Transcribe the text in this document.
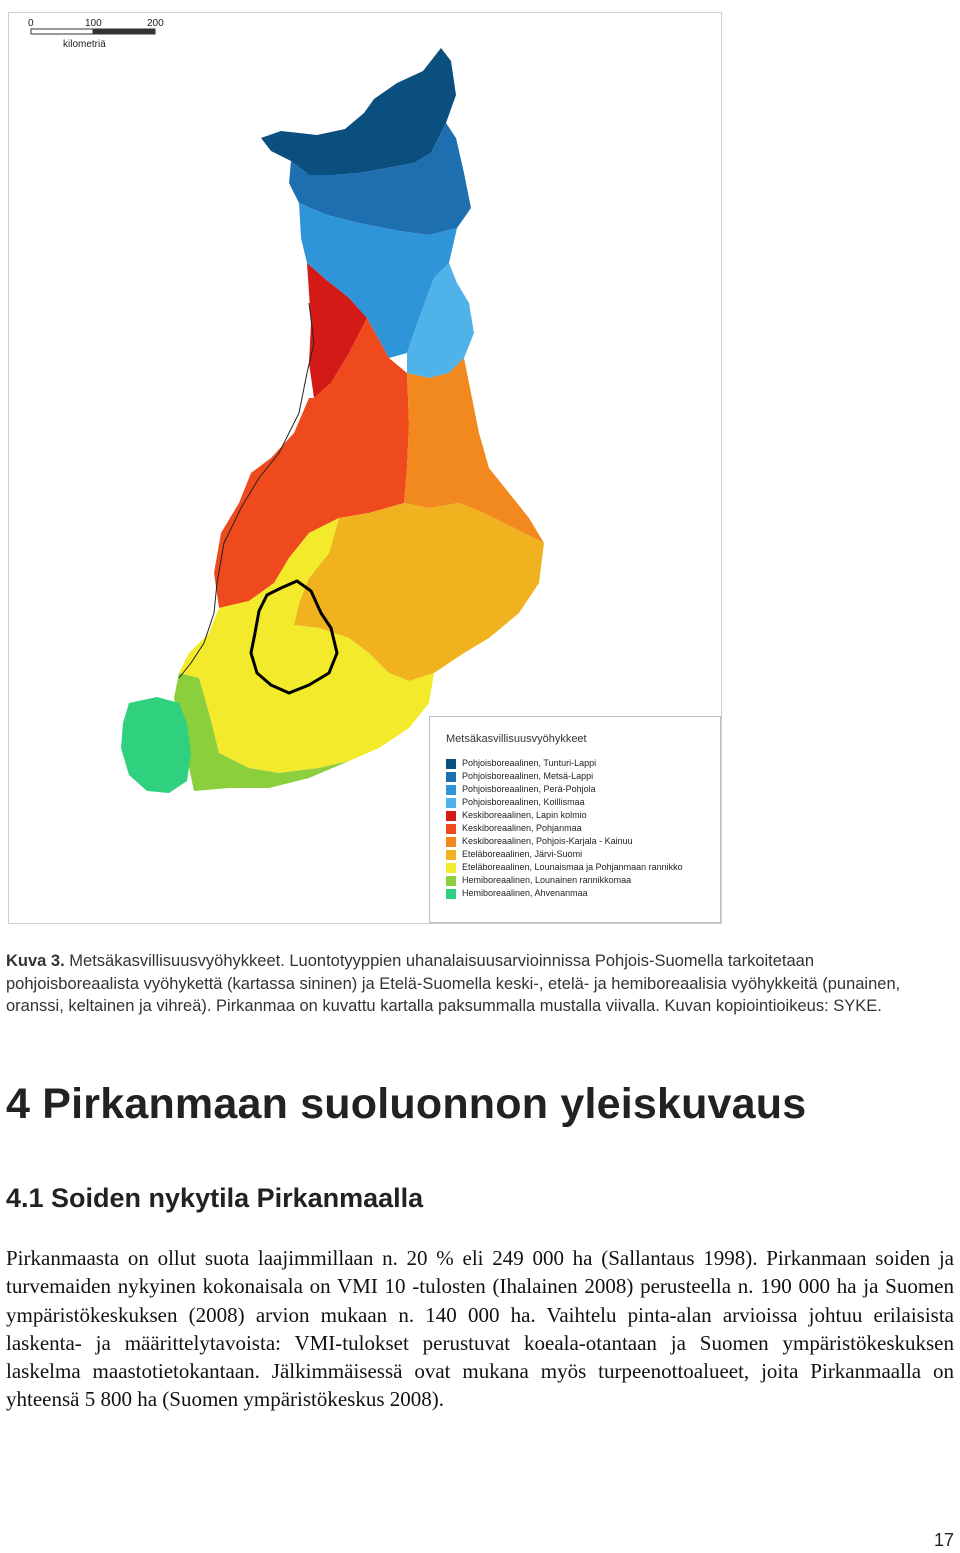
0	100	200
kilometriä
Metsäkasvillisuusvyöhykkeet
Pohjoisboreaalinen, Tunturi-Lappi
Pohjoisboreaalinen, Metsä-Lappi
Pohjoisboreaalinen, Perä-Pohjola
Pohjoisboreaalinen, Koillismaa
Keskiboreaalinen, Lapin kolmio
Keskiboreaalinen, Pohjanmaa
Keskiboreaalinen, Pohjois-Karjala - Kainuu
Eteläboreaalinen, Järvi-Suomi
Eteläboreaalinen, Lounaismaa ja Pohjanmaan rannikko
Hemiboreaalinen, Lounainen rannikkomaa
Hemiboreaalinen, Ahvenanmaa
Kuva 3. Metsäkasvillisuusvyöhykkeet. Luontotyyppien uhanalaisuusarvioinnissa Pohjois-Suomella tarkoitetaan pohjoisboreaalista vyöhykettä (kartassa sininen) ja Etelä-Suomella keski-, etelä- ja hemiboreaalisia vyöhykkeitä (punainen, oranssi, keltainen ja vihreä). Pirkanmaa on kuvattu kartalla paksummalla mustalla viivalla. Kuvan kopiointioikeus: SYKE.
4 Pirkanmaan suoluonnon yleiskuvaus
4.1 Soiden nykytila Pirkanmaalla

Pirkanmaasta on ollut suota laajimmillaan n. 20 % eli 249 000 ha (Sallantaus 1998). Pirkanmaan soiden ja turvemaiden nykyinen kokonaisala on VMI 10 -tulosten (Ihalainen 2008) perusteella n. 190 000 ha ja Suomen ympäristökeskuksen (2008) arvion mukaan n. 140 000 ha. Vaihtelu pinta-alan arvioissa johtuu erilaisista laskenta- ja määrittelytavoista: VMI-tulokset perustuvat koeala-otantaan ja Suomen ympäristökeskuksen laskelma maastotietokantaan. Jälkimmäisessä ovat mukana myös turpeenottoalueet, joita Pirkanmaalla on yhteensä 5 800 ha (Suomen ympäristökeskus 2008).

17
